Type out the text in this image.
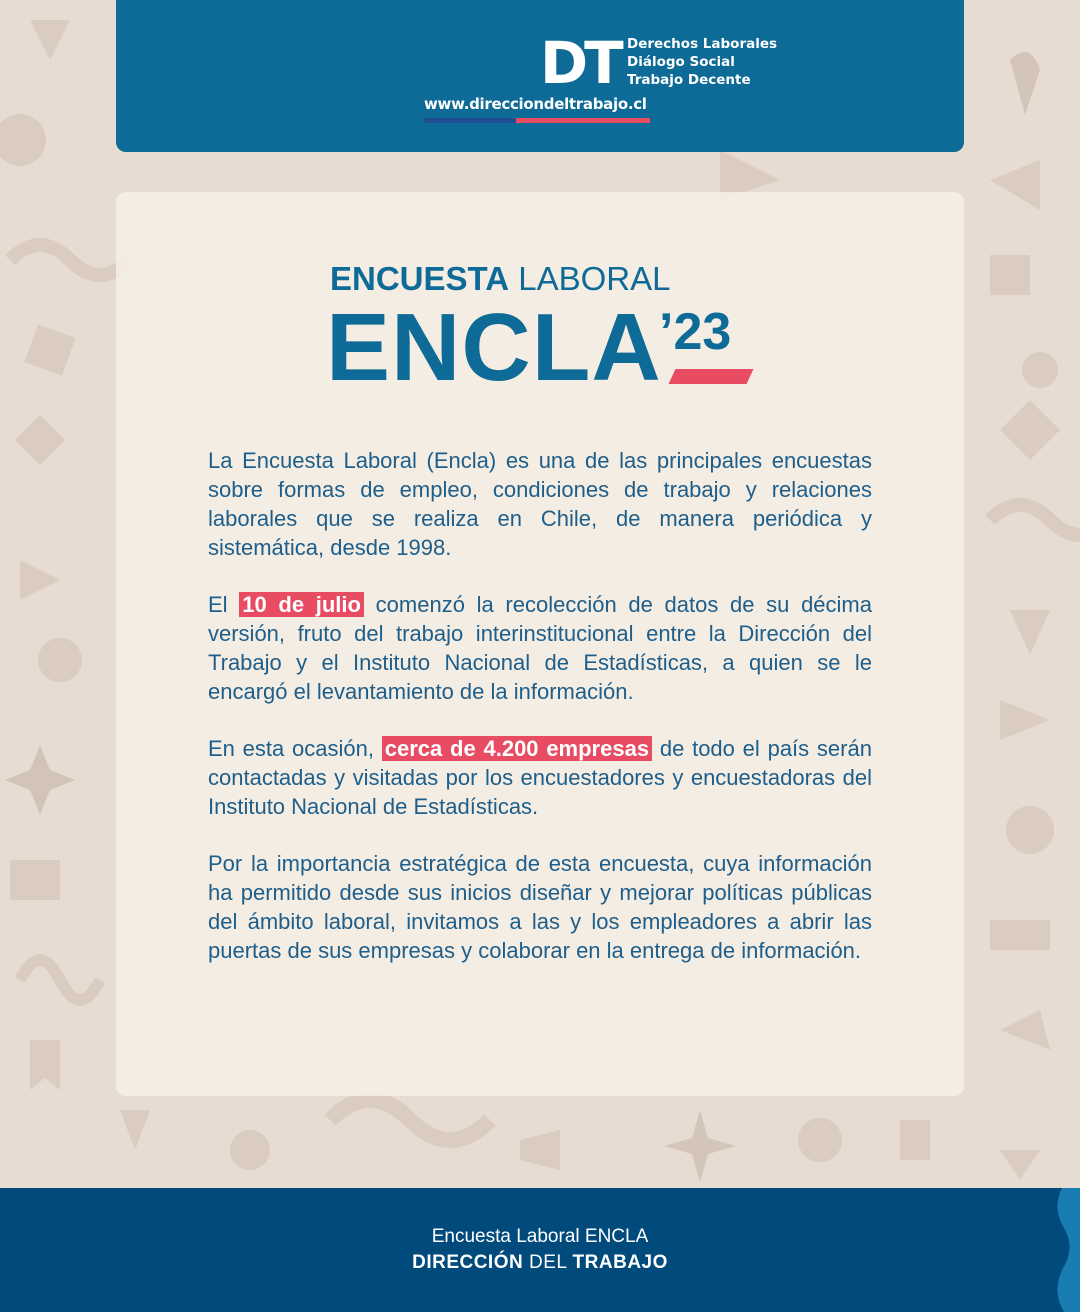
DT Derechos Laborales
Diálogo Social
Trabajo Decente
www.direcciondeltrabajo.cl
ENCUESTA LABORAL
ENCLA
’23

La Encuesta Laboral (Encla) es una de las principales encuestas sobre formas de empleo, condiciones de trabajo y relaciones laborales que se realiza en Chile, de manera periódica y sistemática, desde 1998.

El 10 de julio comenzó la recolección de datos de su décima versión, fruto del trabajo interinstitucional entre la Dirección del Trabajo y el Instituto Nacional de Estadísticas, a quien se le encargó el levantamiento de la información.

En esta ocasión, cerca de 4.200 empresas de todo el país serán contactadas y visitadas por los encuestadores y encuestadoras del Instituto Nacional de Estadísticas.

Por la importancia estratégica de esta encuesta, cuya información ha permitido desde sus inicios diseñar y mejorar políticas públicas del ámbito laboral, invitamos a las y los empleadores a abrir las puertas de sus empresas y colaborar en la entrega de información.

Encuesta Laboral ENCLA
DIRECCIÓN DEL TRABAJO
